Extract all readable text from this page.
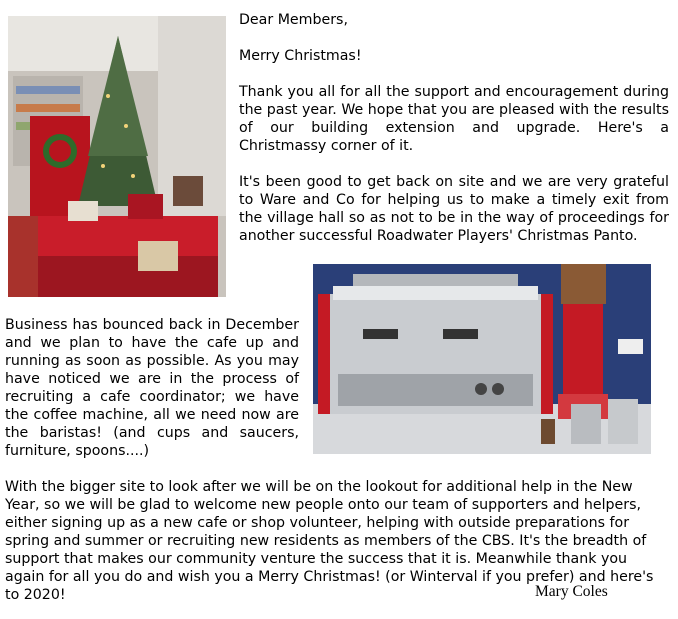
Dear Members,

Merry Christmas!

Thank you all for all the support and encouragement during the past year. We hope that you are pleased with the results of our building extension and upgrade. Here's a Christmassy corner of it.

It's been good to get back on site and we are very grateful to Ware and Co for helping us to make a timely exit from the village hall so as not to be in the way of proceedings for another successful Roadwater Players' Christmas Panto.

Business has bounced back in December and we plan to have the cafe up and running as soon as possible. As you may have noticed we are in the process of recruiting a cafe coordinator; we have the coffee machine, all we need now are the baristas! (and cups and saucers, furniture, spoons....)

With the bigger site to look after we will be on the lookout for additional help in the New Year, so we will be glad to welcome new people onto our team of supporters and helpers, either signing up as a new cafe or shop volunteer, helping with outside preparations for spring and summer or recruiting new residents as members of the CBS. It's the breadth of support that makes our community venture the success that it is. Meanwhile thank you again for all you do and wish you a Merry Christmas! (or Winterval if you prefer) and here's to 2020!	Mary Coles
